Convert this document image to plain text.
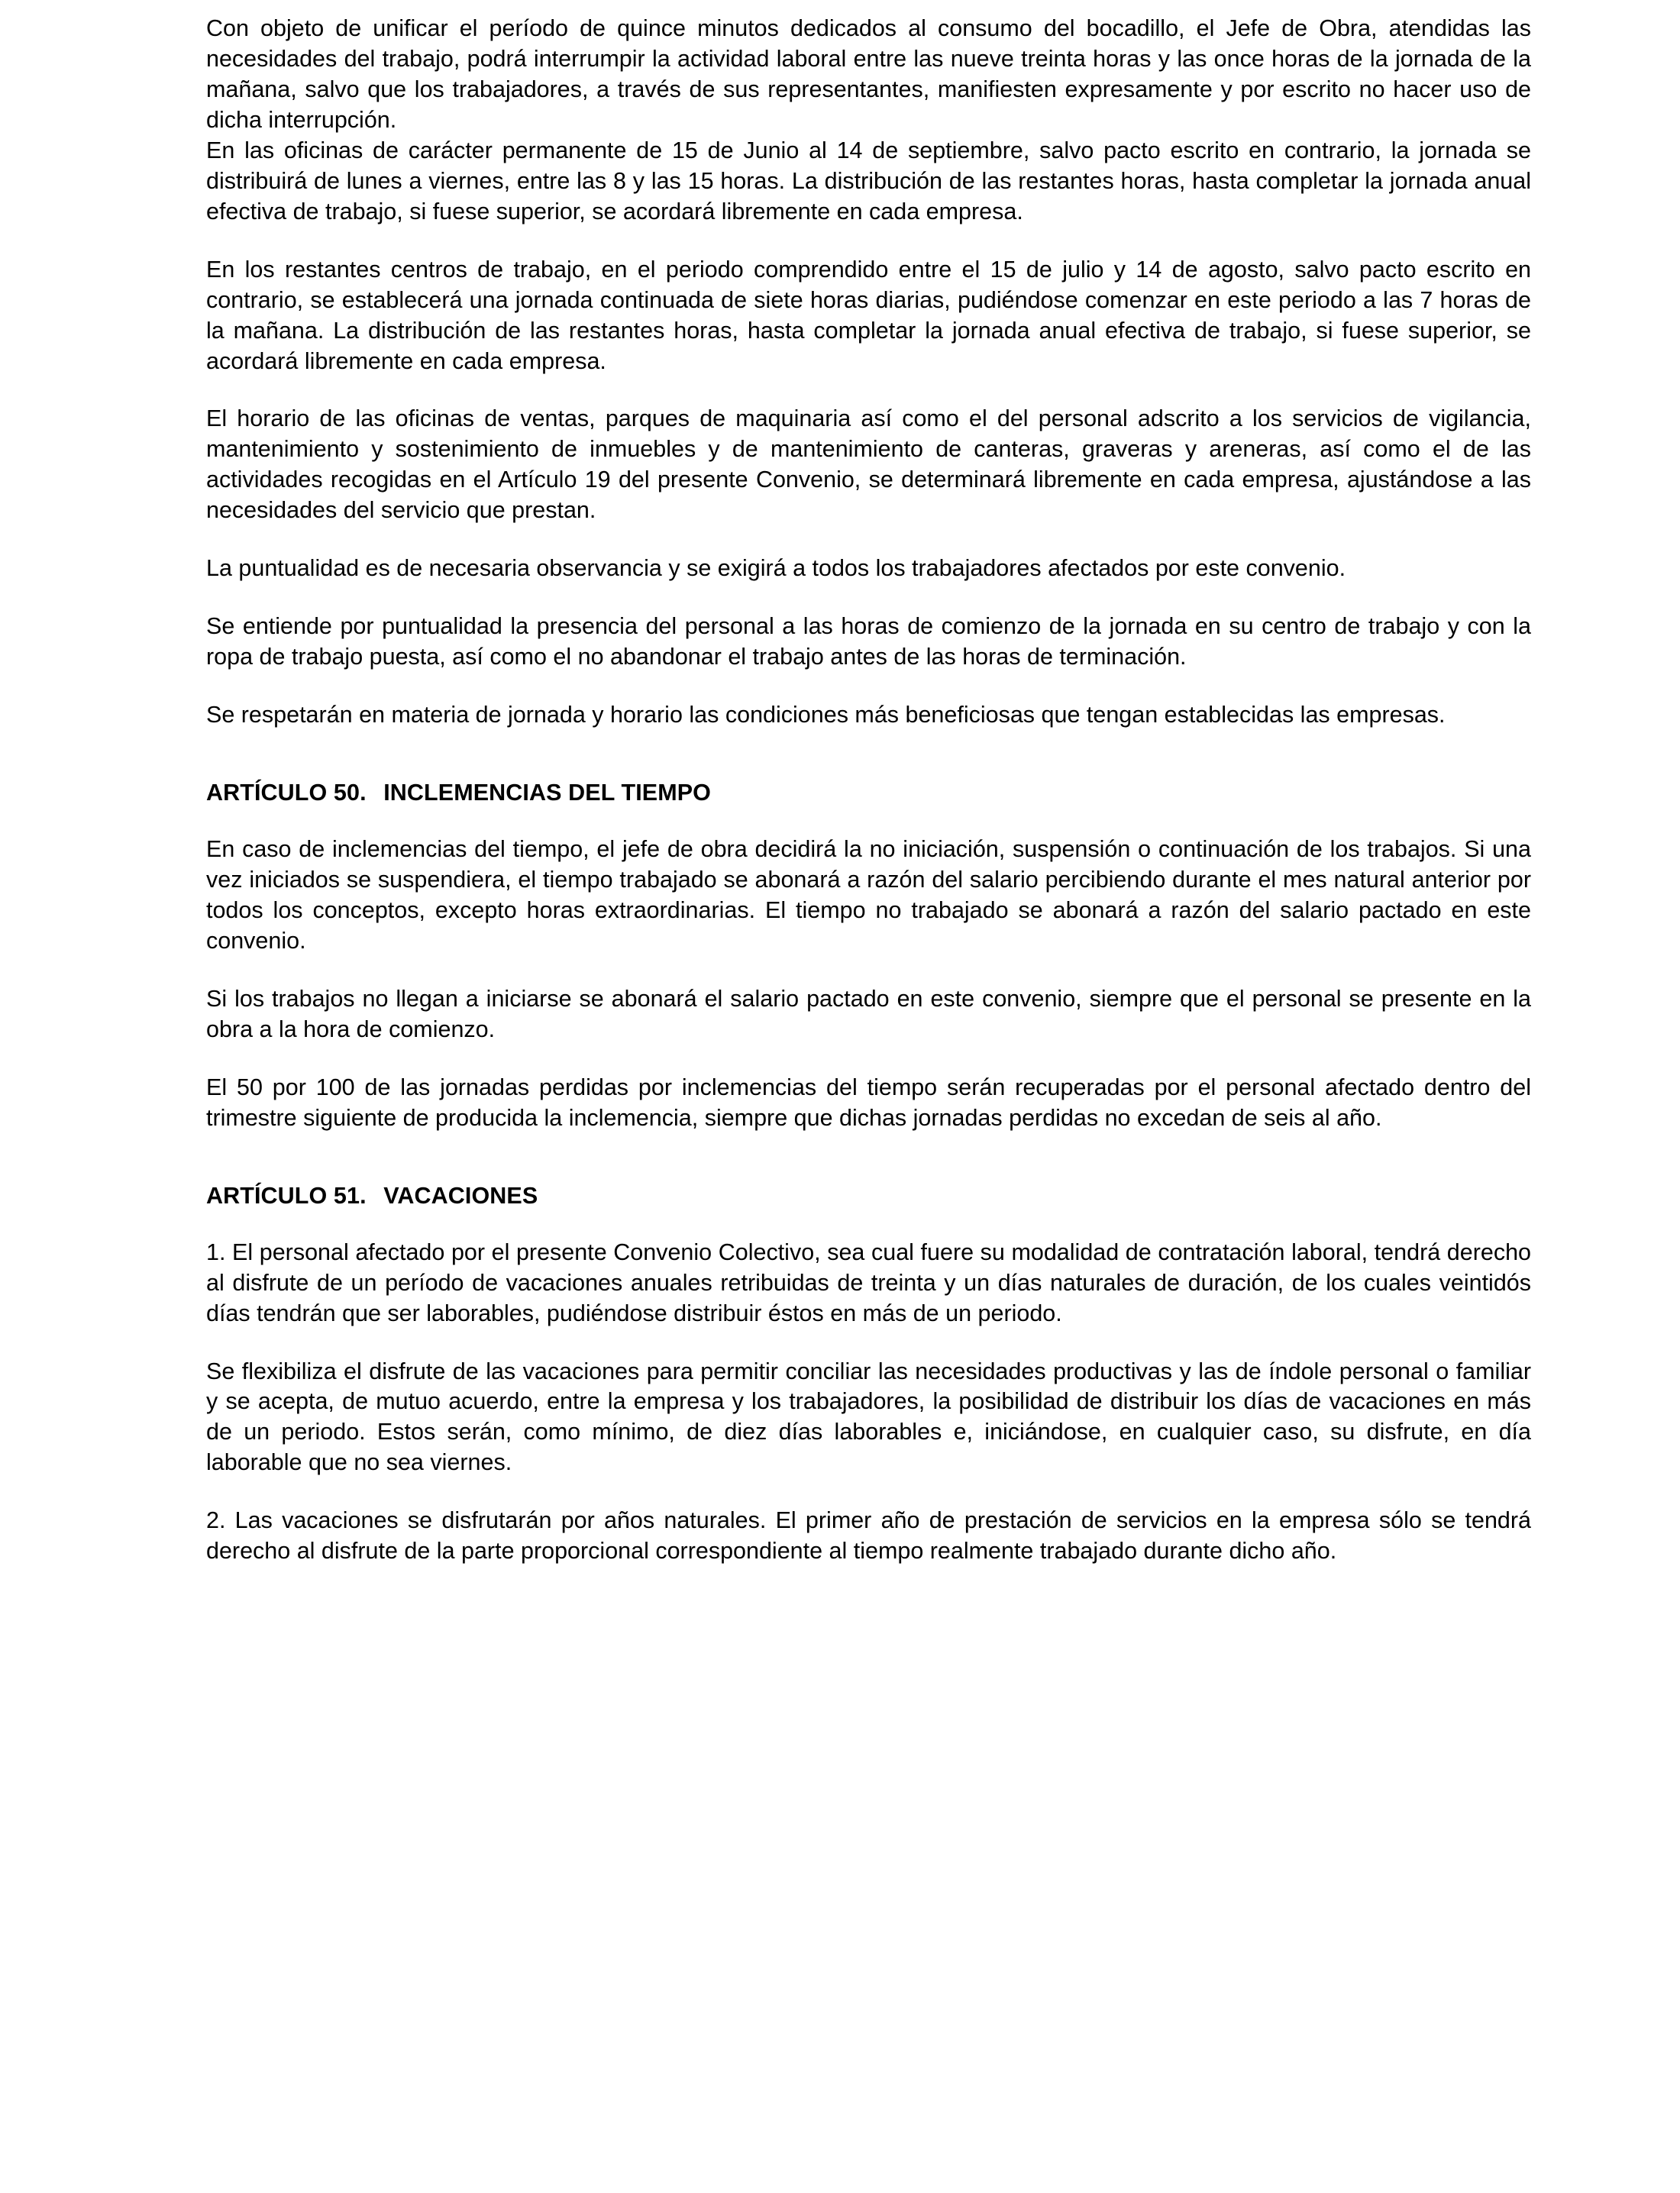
Con objeto de unificar el período de quince minutos dedicados al consumo del bocadillo, el Jefe de Obra, atendidas las necesidades del trabajo, podrá interrumpir la actividad laboral entre las nueve treinta horas y las once horas de la jornada de la mañana, salvo que los trabajadores, a través de sus representantes, manifiesten expresamente y por escrito no hacer uso de dicha interrupción.

En las oficinas de carácter permanente de 15 de Junio al 14 de septiembre, salvo pacto escrito en contrario, la jornada se distribuirá de lunes a viernes, entre las 8 y las 15 horas. La distribución de las restantes horas, hasta completar la jornada anual efectiva de trabajo, si fuese superior, se acordará libremente en cada empresa.

En los restantes centros de trabajo, en el periodo comprendido entre el 15 de julio y 14 de agosto, salvo pacto escrito en contrario, se establecerá una jornada continuada de siete horas diarias, pudiéndose comenzar en este periodo a las 7 horas de la mañana. La distribución de las restantes horas, hasta completar la jornada anual efectiva de trabajo, si fuese superior, se acordará libremente en cada empresa.

El horario de las oficinas de ventas, parques de maquinaria así como el del personal adscrito a los servicios de vigilancia, mantenimiento y sostenimiento de inmuebles y de mantenimiento de canteras, graveras y areneras, así como el de las actividades recogidas en el Artículo 19 del presente Convenio, se determinará libremente en cada empresa, ajustándose a las necesidades del servicio que prestan.

La puntualidad es de necesaria observancia y se exigirá a todos los trabajadores afectados por este convenio.

Se entiende por puntualidad la presencia del personal a las horas de comienzo de la jornada en su centro de trabajo y con la ropa de trabajo puesta, así como el no abandonar el trabajo antes de las horas de terminación.

Se respetarán en materia de jornada y horario las condiciones más beneficiosas que tengan establecidas las empresas.

ARTÍCULO 50. INCLEMENCIAS DEL TIEMPO

En caso de inclemencias del tiempo, el jefe de obra decidirá la no iniciación, suspensión o continuación de los trabajos. Si una vez iniciados se suspendiera, el tiempo trabajado se abonará a razón del salario percibiendo durante el mes natural anterior por todos los conceptos, excepto horas extraordinarias. El tiempo no trabajado se abonará a razón del salario pactado en este convenio.

Si los trabajos no llegan a iniciarse se abonará el salario pactado en este convenio, siempre que el personal se presente en la obra a la hora de comienzo.

El 50 por 100 de las jornadas perdidas por inclemencias del tiempo serán recuperadas por el personal afectado dentro del trimestre siguiente de producida la inclemencia, siempre que dichas jornadas perdidas no excedan de seis al año.

ARTÍCULO 51. VACACIONES

1. El personal afectado por el presente Convenio Colectivo, sea cual fuere su modalidad de contratación laboral, tendrá derecho al disfrute de un período de vacaciones anuales retribuidas de treinta y un días naturales de duración, de los cuales veintidós días tendrán que ser laborables, pudiéndose distribuir éstos en más de un periodo.

Se flexibiliza el disfrute de las vacaciones para permitir conciliar las necesidades productivas y las de índole personal o familiar y se acepta, de mutuo acuerdo, entre la empresa y los trabajadores, la posibilidad de distribuir los días de vacaciones en más de un periodo. Estos serán, como mínimo, de diez días laborables e, iniciándose, en cualquier caso, su disfrute, en día laborable que no sea viernes.

2. Las vacaciones se disfrutarán por años naturales. El primer año de prestación de servicios en la empresa sólo se tendrá derecho al disfrute de la parte proporcional correspondiente al tiempo realmente trabajado durante dicho año.
